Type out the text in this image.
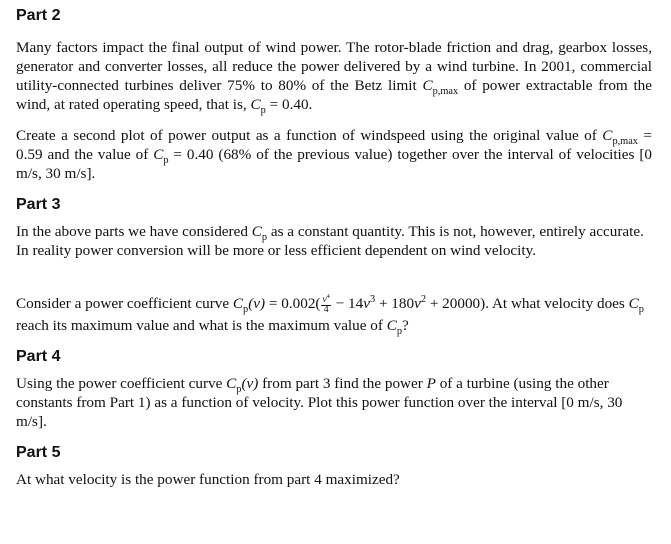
Part 2

Many factors impact the final output of wind power. The rotor-blade friction and drag, gearbox losses, generator and converter losses, all reduce the power delivered by a wind turbine. In 2001, commercial utility-connected turbines deliver 75% to 80% of the Betz limit $C_{p,max}$ of power extractable from the wind, at rated operating speed, that is, $C_p = 0.40$.

Create a second plot of power output as a function of windspeed using the original value of $C_{p,max} = 0.59$ and the value of $C_p = 0.40$ (68% of the previous value) together over the interval of velocities [0 m/s, 30 m/s].

Part 3

In the above parts we have considered $C_p$ as a constant quantity. This is not, however, entirely accurate. In reality power conversion will be more or less efficient dependent on wind velocity.

Consider a power coefficient curve $C_p(v) = 0.002( \frac{v^4}{4} - 14v^3 + 180v^2 + 20000)$. At what velocity does $C_p$ reach its maximum value and what is the maximum value of $C_p$?

Part 4

Using the power coefficient curve $C_p(v)$ from part 3 find the power P of a turbine (using the other constants from Part 1) as a function of velocity. Plot this power function over the interval [0 m/s, 30 m/s].

Part 5

At what velocity is the power function from part 4 maximized?
